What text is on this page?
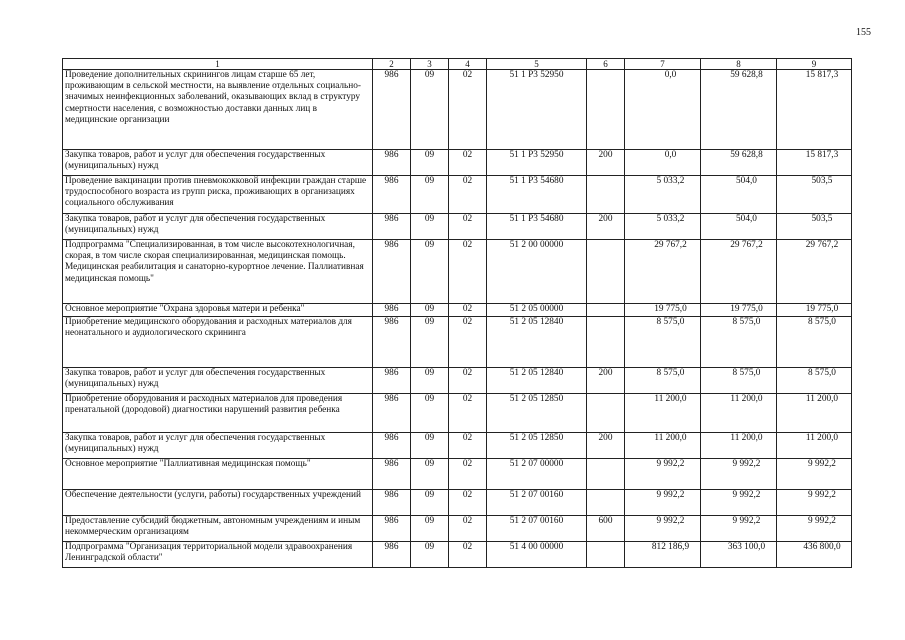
155
1	2	3	4	5	6	7	8	9
Проведение дополнительных скринингов лицам старше 65 лет, проживающим в сельской местности, на выявление отдельных социально-значимых неинфекционных заболеваний, оказывающих вклад в структуру смертности населения, с возможностью доставки данных лиц в медицинские организации	986	09	02	51 1 P3 52950		0,0	59 628,8	15 817,3
Закупка товаров, работ и услуг для обеспечения государственных (муниципальных) нужд	986	09	02	51 1 P3 52950	200	0,0	59 628,8	15 817,3
Проведение вакцинации против пневмококковой инфекции граждан старше трудоспособного возраста из групп риска, проживающих в организациях социального обслуживания	986	09	02	51 1 P3 54680		5 033,2	504,0	503,5
Закупка товаров, работ и услуг для обеспечения государственных (муниципальных) нужд	986	09	02	51 1 P3 54680	200	5 033,2	504,0	503,5
Подпрограмма "Специализированная, в том числе высокотехнологичная, скорая, в том числе скорая специализированная, медицинская помощь. Медицинская реабилитация и санаторно-курортное лечение. Паллиативная медицинская помощь"	986	09	02	51 2 00 00000		29 767,2	29 767,2	29 767,2
Основное мероприятие "Охрана здоровья матери и ребенка"	986	09	02	51 2 05 00000		19 775,0	19 775,0	19 775,0
Приобретение медицинского оборудования и расходных материалов для неонатального и аудиологического скрининга	986	09	02	51 2 05 12840		8 575,0	8 575,0	8 575,0
Закупка товаров, работ и услуг для обеспечения государственных (муниципальных) нужд	986	09	02	51 2 05 12840	200	8 575,0	8 575,0	8 575,0
Приобретение оборудования и расходных материалов для проведения пренатальной (дородовой) диагностики нарушений развития ребенка	986	09	02	51 2 05 12850		11 200,0	11 200,0	11 200,0
Закупка товаров, работ и услуг для обеспечения государственных (муниципальных) нужд	986	09	02	51 2 05 12850	200	11 200,0	11 200,0	11 200,0
Основное мероприятие "Паллиативная медицинская помощь"	986	09	02	51 2 07 00000		9 992,2	9 992,2	9 992,2
Обеспечение деятельности (услуги, работы) государственных учреждений	986	09	02	51 2 07 00160		9 992,2	9 992,2	9 992,2
Предоставление субсидий бюджетным, автономным учреждениям и иным некоммерческим организациям	986	09	02	51 2 07 00160	600	9 992,2	9 992,2	9 992,2
Подпрограмма "Организация территориальной модели здравоохранения Ленинградской области"	986	09	02	51 4 00 00000		812 186,9	363 100,0	436 800,0
